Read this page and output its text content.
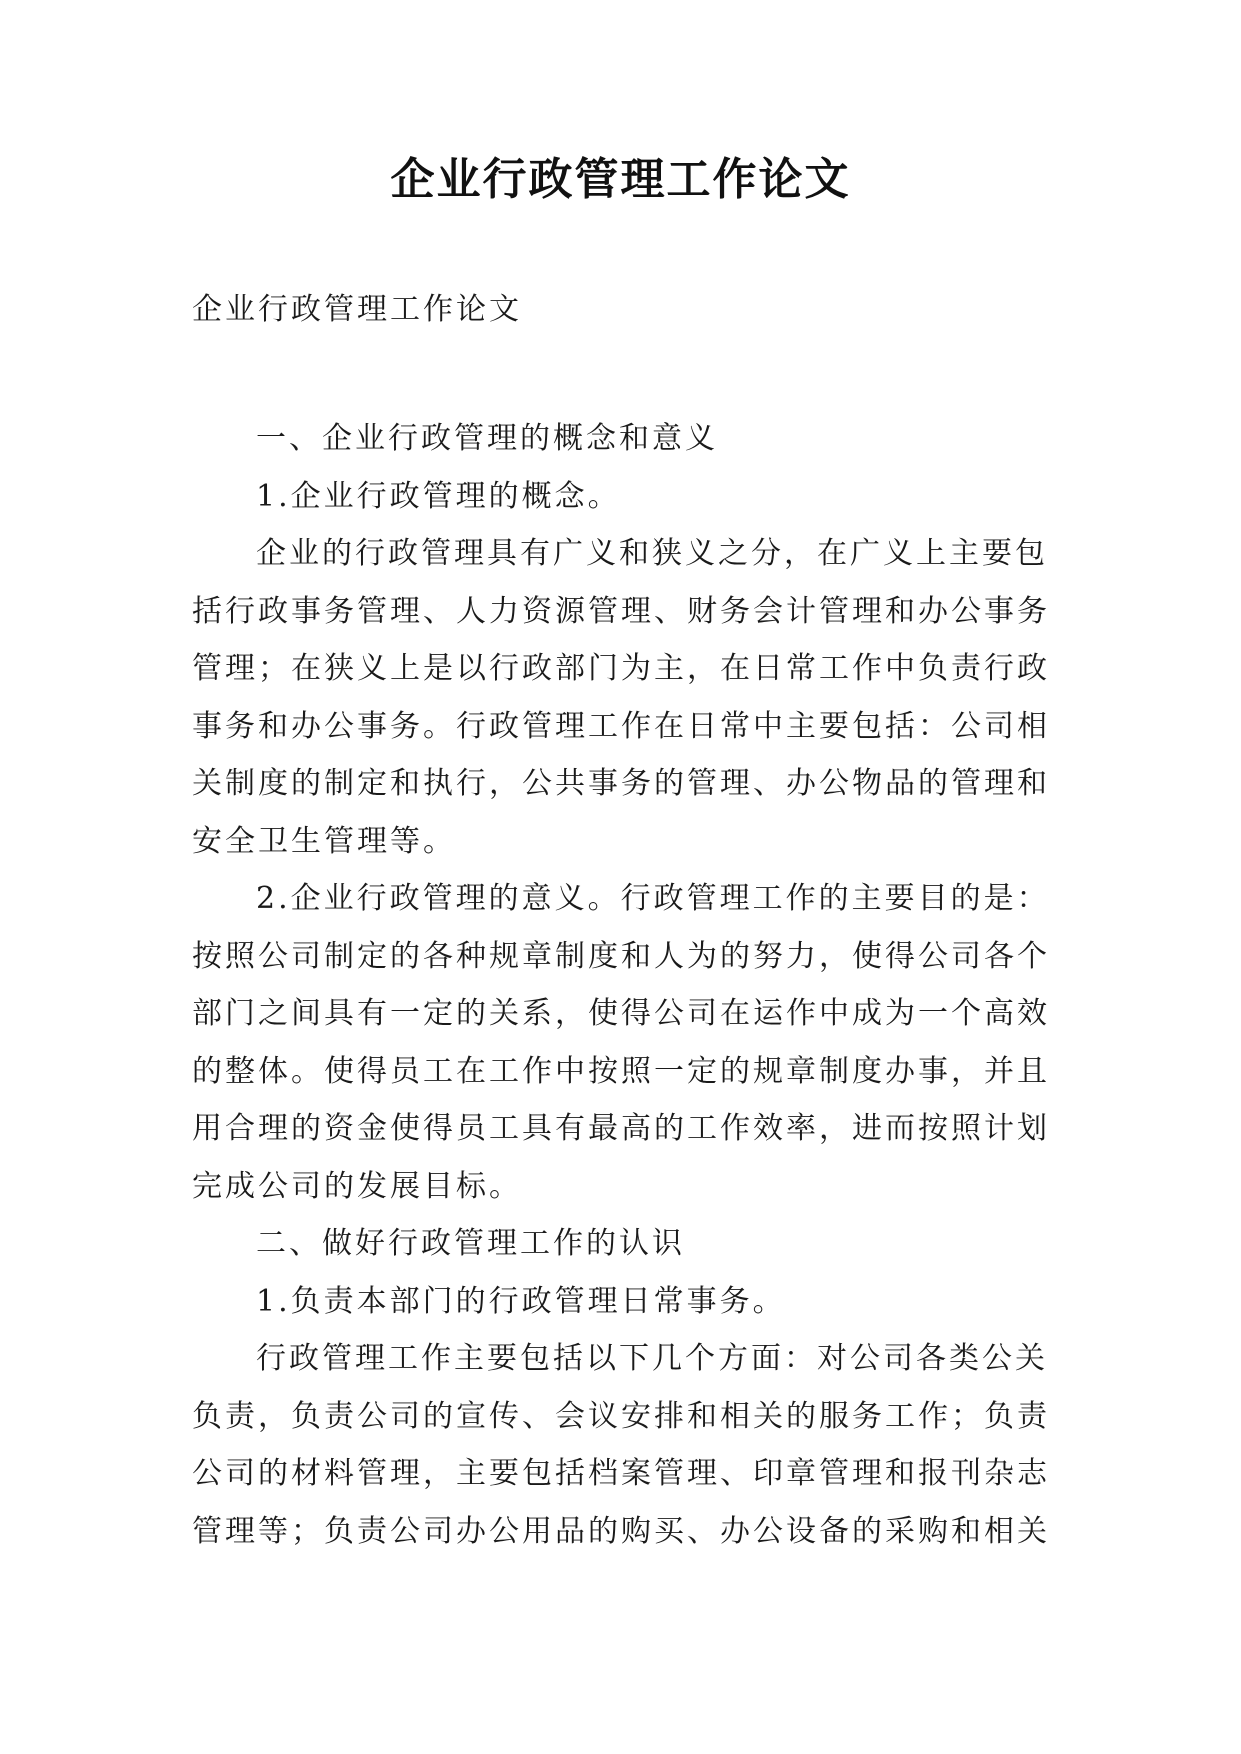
企业行政管理工作论文
企业行政管理工作论文
一、企业行政管理的概念和意义
1.企业行政管理的概念。
企业的行政管理具有广义和狭义之分，在广义上主要包
括行政事务管理、人力资源管理、财务会计管理和办公事务
管理；在狭义上是以行政部门为主，在日常工作中负责行政
事务和办公事务。行政管理工作在日常中主要包括：公司相
关制度的制定和执行，公共事务的管理、办公物品的管理和
安全卫生管理等。
2.企业行政管理的意义。行政管理工作的主要目的是：
按照公司制定的各种规章制度和人为的努力，使得公司各个
部门之间具有一定的关系，使得公司在运作中成为一个高效
的整体。使得员工在工作中按照一定的规章制度办事，并且
用合理的资金使得员工具有最高的工作效率，进而按照计划
完成公司的发展目标。
二、做好行政管理工作的认识
1.负责本部门的行政管理日常事务。
行政管理工作主要包括以下几个方面：对公司各类公关
负责，负责公司的宣传、会议安排和相关的服务工作；负责
公司的材料管理，主要包括档案管理、印章管理和报刊杂志
管理等；负责公司办公用品的购买、办公设备的采购和相关
